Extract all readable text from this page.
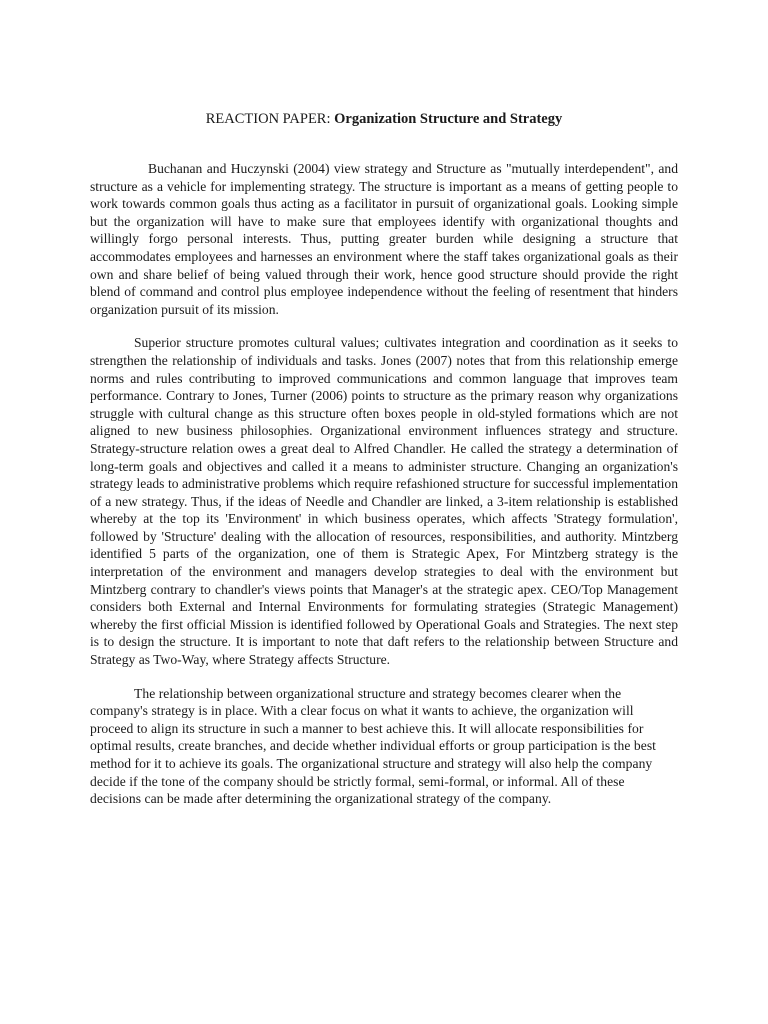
REACTION PAPER: Organization Structure and Strategy

Buchanan and Huczynski (2004) view strategy and Structure as "mutually interdependent", and structure as a vehicle for implementing strategy. The structure is important as a means of getting people to work towards common goals thus acting as a facilitator in pursuit of organizational goals. Looking simple but the organization will have to make sure that employees identify with organizational thoughts and willingly forgo personal interests. Thus, putting greater burden while designing a structure that accommodates employees and harnesses an environment where the staff takes organizational goals as their own and share belief of being valued through their work, hence good structure should provide the right blend of command and control plus employee independence without the feeling of resentment that hinders organization pursuit of its mission.

Superior structure promotes cultural values; cultivates integration and coordination as it seeks to strengthen the relationship of individuals and tasks. Jones (2007) notes that from this relationship emerge norms and rules contributing to improved communications and common language that improves team performance. Contrary to Jones, Turner (2006) points to structure as the primary reason why organizations struggle with cultural change as this structure often boxes people in old-styled formations which are not aligned to new business philosophies. Organizational environment influences strategy and structure. Strategy-structure relation owes a great deal to Alfred Chandler. He called the strategy a determination of long-term goals and objectives and called it a means to administer structure. Changing an organization's strategy leads to administrative problems which require refashioned structure for successful implementation of a new strategy. Thus, if the ideas of Needle and Chandler are linked, a 3-item relationship is established whereby at the top its 'Environment' in which business operates, which affects 'Strategy formulation', followed by 'Structure' dealing with the allocation of resources, responsibilities, and authority. Mintzberg identified 5 parts of the organization, one of them is Strategic Apex, For Mintzberg strategy is the interpretation of the environment and managers develop strategies to deal with the environment but Mintzberg contrary to chandler's views points that Manager's at the strategic apex. CEO/Top Management considers both External and Internal Environments for formulating strategies (Strategic Management) whereby the first official Mission is identified followed by Operational Goals and Strategies. The next step is to design the structure. It is important to note that daft refers to the relationship between Structure and Strategy as Two-Way, where Strategy affects Structure.

The relationship between organizational structure and strategy becomes clearer when the company's strategy is in place. With a clear focus on what it wants to achieve, the organization will proceed to align its structure in such a manner to best achieve this. It will allocate responsibilities for optimal results, create branches, and decide whether individual efforts or group participation is the best method for it to achieve its goals. The organizational structure and strategy will also help the company decide if the tone of the company should be strictly formal, semi-formal, or informal. All of these decisions can be made after determining the organizational strategy of the company.
